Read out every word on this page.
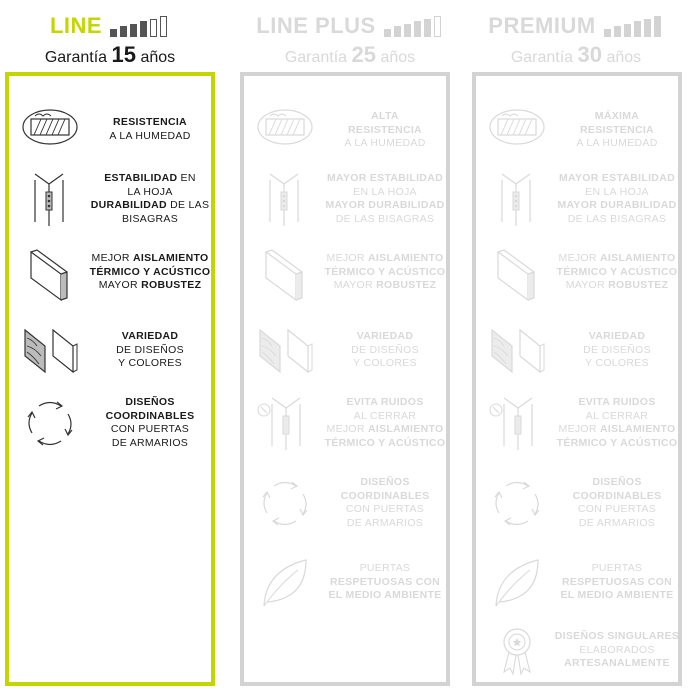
LINE
Garantía 15 años
LINE PLUS
Garantía 25 años
PREMIUM
Garantía 30 años
RESISTENCIA
A LA HUMEDAD
ESTABILIDAD EN
LA HOJA
DURABILIDAD DE LAS
BISAGRAS
MEJOR AISLAMIENTO
TÉRMICO Y ACÚSTICO
MAYOR ROBUSTEZ
VARIEDAD
DE DISEÑOS
Y COLORES
DISEÑOS
COORDINABLES
CON PUERTAS
DE ARMARIOS
ALTA
RESISTENCIA
A LA HUMEDAD
MAYOR ESTABILIDAD
EN LA HOJA
MAYOR DURABILIDAD
DE LAS BISAGRAS
MEJOR AISLAMIENTO
TÉRMICO Y ACÚSTICO
MAYOR ROBUSTEZ
VARIEDAD
DE DISEÑOS
Y COLORES
EVITA RUIDOS
AL CERRAR
MEJOR AISLAMIENTO
TÉRMICO Y ACÚSTICO
DISEÑOS
COORDINABLES
CON PUERTAS
DE ARMARIOS
PUERTAS
RESPETUOSAS CON
EL MEDIO AMBIENTE
MÁXIMA
RESISTENCIA
A LA HUMEDAD
MAYOR ESTABILIDAD
EN LA HOJA
MAYOR DURABILIDAD
DE LAS BISAGRAS
MEJOR AISLAMIENTO
TÉRMICO Y ACÚSTICO
MAYOR ROBUSTEZ
VARIEDAD
DE DISEÑOS
Y COLORES
EVITA RUIDOS
AL CERRAR
MEJOR AISLAMIENTO
TÉRMICO Y ACÚSTICO
DISEÑOS
COORDINABLES
CON PUERTAS
DE ARMARIOS
PUERTAS
RESPETUOSAS CON
EL MEDIO AMBIENTE
DISEÑOS SINGULARES
ELABORADOS
ARTESANALMENTE
